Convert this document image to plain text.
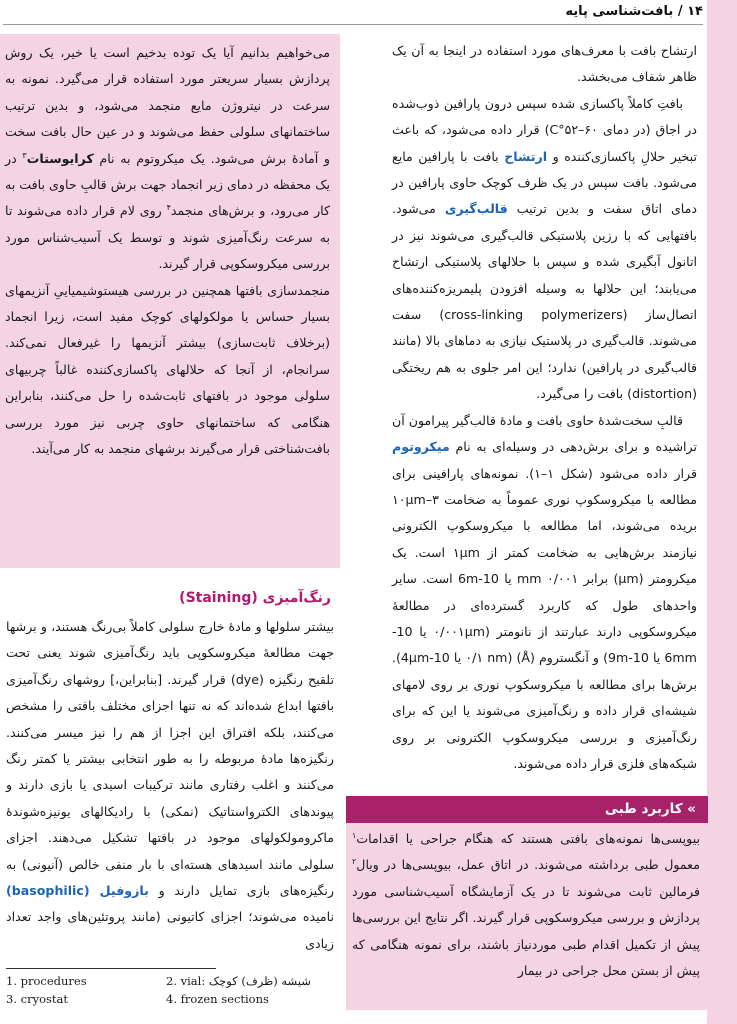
۱۴ / بافت‌شناسی پایه

ارتشاح بافت با معرف‌های مورد استفاده در اینجا به آن یک ظاهر شفاف می‌بخشد.

بافتِ کاملاً پاکسازی شده سپس درون پارافین ذوب‌شده در اجاق (در دمای ۶۰–۵۲°C) قرار داده می‌شود، که باعث تبخیر حلالِ پاکسازی‌کننده و ارتشاح بافت با پارافین مایع می‌شود. بافت سپس در یک ظرف کوچک حاوی پارافین در دمای اتاق سفت و بدین ترتیب قالب‌گیری می‌شود. بافتهایی که با رزین پلاستیکی قالب‌گیری می‌شوند نیز در اتانول آبگیری شده و سپس با حلالهای پلاستیکی ارتشاح می‌یابند؛ این حلالها به وسیله افزودن پلیمریزه‌کننده‌های اتصال‌ساز (cross-linking polymerizers) سفت می‌شوند. قالب‌گیری در پلاستیک نیازی به دماهای بالا (مانند قالب‌گیری در پارافین) ندارد؛ این امر جلوی به هم ریختگی (distortion) بافت را می‌گیرد.

قالبِ سخت‌شدهٔ حاوی بافت و مادهٔ قالب‌گیر پیرامون آن تراشیده و برای برش‌دهی در وسیله‌ای به نام میکروتوم قرار داده می‌شود (شکل ۱–۱). نمونه‌های پارافینی برای مطالعه با میکروسکوپ نوری عموماً به ضخامت ۳–۱۰μm بریده می‌شوند، اما مطالعه با میکروسکوپ الکترونی نیازمند برش‌هایی به ضخامت کمتر از ۱μm است. یک میکرومتر (μm) برابر ۰/۰۰۱ mm یا 10-6m است. سایر واحدهای طول که کاربرد گسترده‌ای در مطالعهٔ میکروسکوپی دارند عبارتند از نانومتر (۰/۰۰۱μm یا 10-6mm یا 10-9m) و آنگستروم (Å) (۰/۱ nm یا 10-4μm). برش‌ها برای مطالعه با میکروسکوپ نوری بر روی لامهای شیشه‌ای قرار داده و رنگ‌آمیزی می‌شوند یا این که برای رنگ‌آمیزی و بررسی میکروسکوپ الکترونی بر روی شبکه‌های فلزی قرار داده می‌شوند.

می‌خواهیم بدانیم آیا یک توده بدخیم است یا خیر، یک روش پردازش بسیار سریعتر مورد استفاده قرار می‌گیرد. نمونه به سرعت در نیتروژن مایع منجمد می‌شود، و بدین ترتیب ساختمانهای سلولی حفظ می‌شوند و در عین حال بافت سخت و آمادهٔ برش می‌شود. یک میکروتوم به نام کرایوستات$^۳$ در یک محفظه در دمای زیر انجماد جهت برش قالبِ حاوی بافت به کار می‌رود، و برش‌های منجمد$^۴$ روی لام قرار داده می‌شوند تا به سرعت رنگ‌آمیزی شوند و توسط یک آسیب‌شناس مورد بررسی میکروسکوپی قرار گیرند.

منجمدسازی بافتها همچنین در بررسی هیستوشیمیاییِ آنزیمهای بسیار حساس یا مولکولهای کوچک مفید است، زیرا انجماد (برخلاف ثابت‌سازی) بیشتر آنزیمها را غیرفعال نمی‌کند. سرانجام، از آنجا که حلالهای پاکسازی‌کننده غالباً چربیهای سلولی موجود در بافتهای ثابت‌شده را حل می‌کنند، بنابراین هنگامی که ساختمانهای حاوی چربی نیز مورد بررسی بافت‌شناختی قرار می‌گیرند برشهای منجمد به کار می‌آیند.

رنگ‌آمیزی (Staining)

بیشتر سلولها و مادهٔ خارج سلولی کاملاً بی‌رنگ هستند، و برشها جهت مطالعهٔ میکروسکوپی باید رنگ‌آمیزی شوند یعنی تحت تلقیح رنگیزه (dye) قرار گیرند. [بنابراین،] روشهای رنگ‌آمیزی بافتها ابداع شده‌اند که نه تنها اجزای مختلف بافتی را مشخص می‌کنند، بلکه افتراق این اجزا از هم را نیز میسر می‌کنند. رنگیزه‌ها مادهٔ مربوطه را به طور انتخابی بیشتر یا کمتر رنگ می‌کنند و اغلب رفتاری مانند ترکیبات اسیدی یا بازی دارند و پیوندهای الکترواستاتیک (نمکی) با رادیکالهای یونیزه‌شوندهٔ ماکرومولکولهای موجود در بافتها تشکیل می‌دهند. اجزای سلولی مانند اسیدهای هسته‌ای با بار منفی خالص (آنیونی) به رنگیزه‌های بازی تمایل دارند و بازوفیل (basophilic) نامیده می‌شوند؛ اجزای کاتیونی (مانند پروتئین‌های واجد تعداد زیادی

» کاربرد طبی

بیوپسی‌ها نمونه‌های بافتی هستند که هنگام جراحی یا اقدامات$^۱$ معمول طبی برداشته می‌شوند. در اتاق عمل، بیوپسی‌ها در ویال$^۲$ فرمالین ثابت می‌شوند تا در یک آزمایشگاه آسیب‌شناسی مورد پردازش و بررسی میکروسکوپی قرار گیرند. اگر نتایج این بررسی‌ها پیش از تکمیل اقدام طبی موردنیاز باشند، برای نمونه هنگامی که پیش از بستن محل جراحی در بیمار

1. procedures	2. vial: شیشه (ظرف) کوچک
3. cryostat	4. frozen sections
